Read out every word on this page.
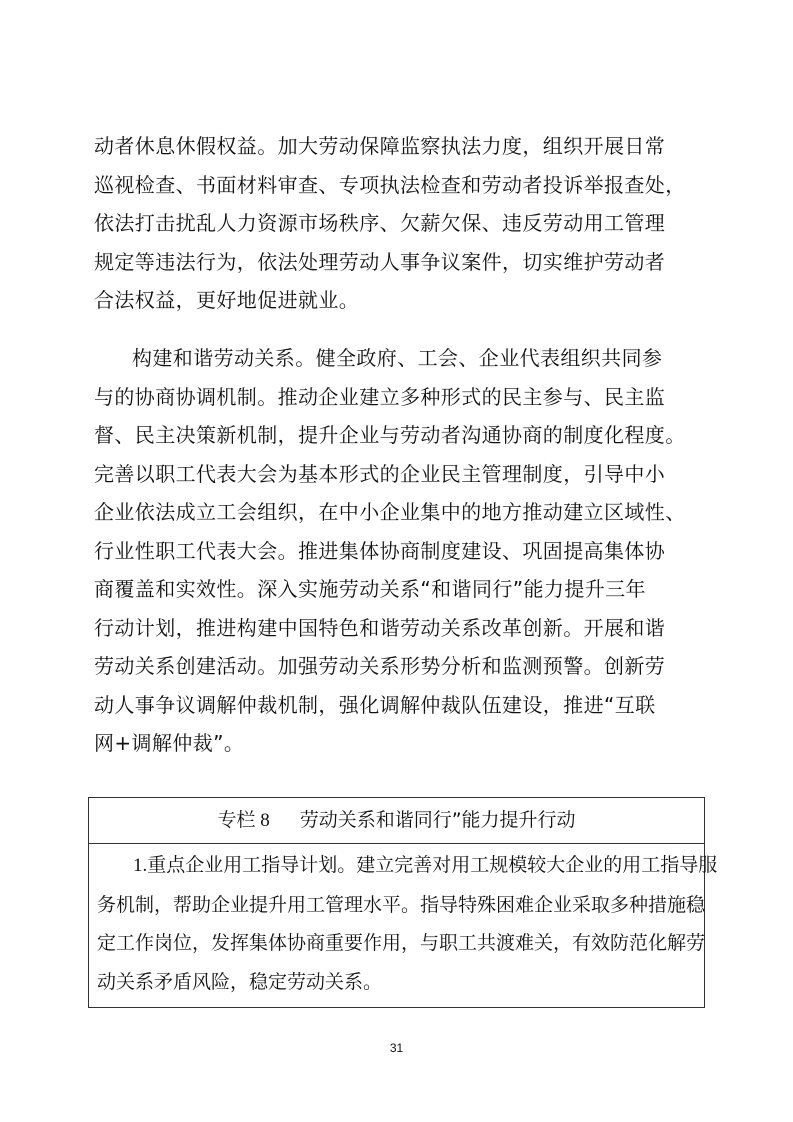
动者休息休假权益。加大劳动保障监察执法力度，组织开展日常
巡视检查、书面材料审查、专项执法检查和劳动者投诉举报查处，
依法打击扰乱人力资源市场秩序、欠薪欠保、违反劳动用工管理
规定等违法行为，依法处理劳动人事争议案件，切实维护劳动者
合法权益，更好地促进就业。
构建和谐劳动关系。健全政府、工会、企业代表组织共同参
与的协商协调机制。推动企业建立多种形式的民主参与、民主监
督、民主决策新机制，提升企业与劳动者沟通协商的制度化程度。
完善以职工代表大会为基本形式的企业民主管理制度，引导中小
企业依法成立工会组织，在中小企业集中的地方推动建立区域性、
行业性职工代表大会。推进集体协商制度建设、巩固提高集体协
商覆盖和实效性。深入实施劳动关系“和谐同行”能力提升三年
行动计划，推进构建中国特色和谐劳动关系改革创新。开展和谐
劳动关系创建活动。加强劳动关系形势分析和监测预警。创新劳
动人事争议调解仲裁机制，强化调解仲裁队伍建设，推进“互联
网+调解仲裁”。
专栏 8 劳动关系和谐同行”能力提升行动
1.重点企业用工指导计划。建立完善对用工规模较大企业的用工指导服
务机制，帮助企业提升用工管理水平。指导特殊困难企业采取多种措施稳
定工作岗位，发挥集体协商重要作用，与职工共渡难关，有效防范化解劳
动关系矛盾风险，稳定劳动关系。
31
